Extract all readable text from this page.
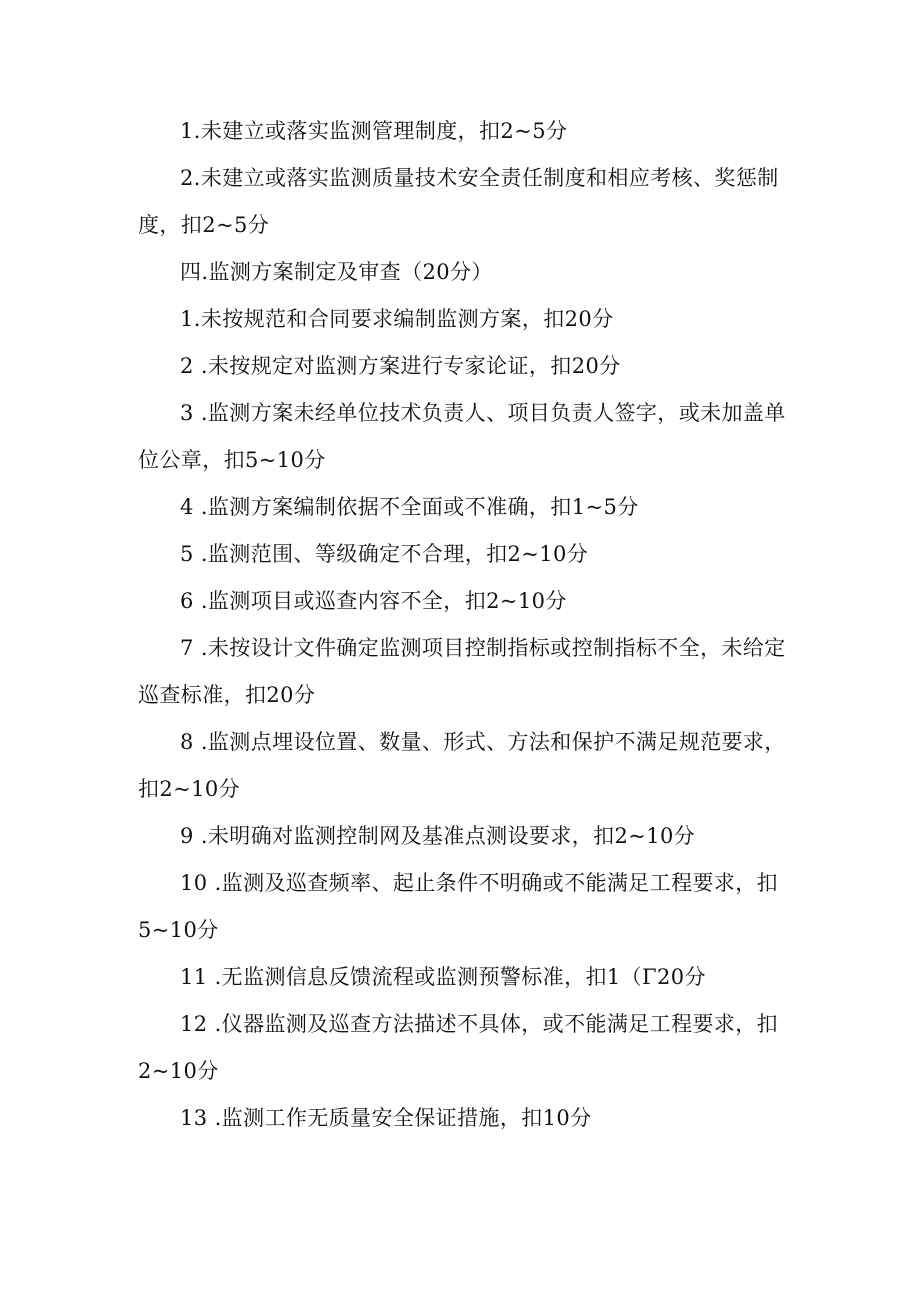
1.未建立或落实监测管理制度，扣2~5分

2.未建立或落实监测质量技术安全责任制度和相应考核、奖惩制度，扣2~5分

四.监测方案制定及审查（20分）

1.未按规范和合同要求编制监测方案，扣20分

2 .未按规定对监测方案进行专家论证，扣20分

3 .监测方案未经单位技术负责人、项目负责人签字，或未加盖单位公章，扣5~10分

4 .监测方案编制依据不全面或不准确，扣1~5分

5 .监测范围、等级确定不合理，扣2~10分

6 .监测项目或巡查内容不全，扣2~10分

7 .未按设计文件确定监测项目控制指标或控制指标不全，未给定巡查标准，扣20分

8 .监测点埋设位置、数量、形式、方法和保护不满足规范要求，扣2~10分

9 .未明确对监测控制网及基准点测设要求，扣2~10分

10 .监测及巡查频率、起止条件不明确或不能满足工程要求，扣5~10分

11 .无监测信息反馈流程或监测预警标准，扣1（Γ20分

12 .仪器监测及巡查方法描述不具体，或不能满足工程要求，扣2~10分

13 .监测工作无质量安全保证措施，扣10分
